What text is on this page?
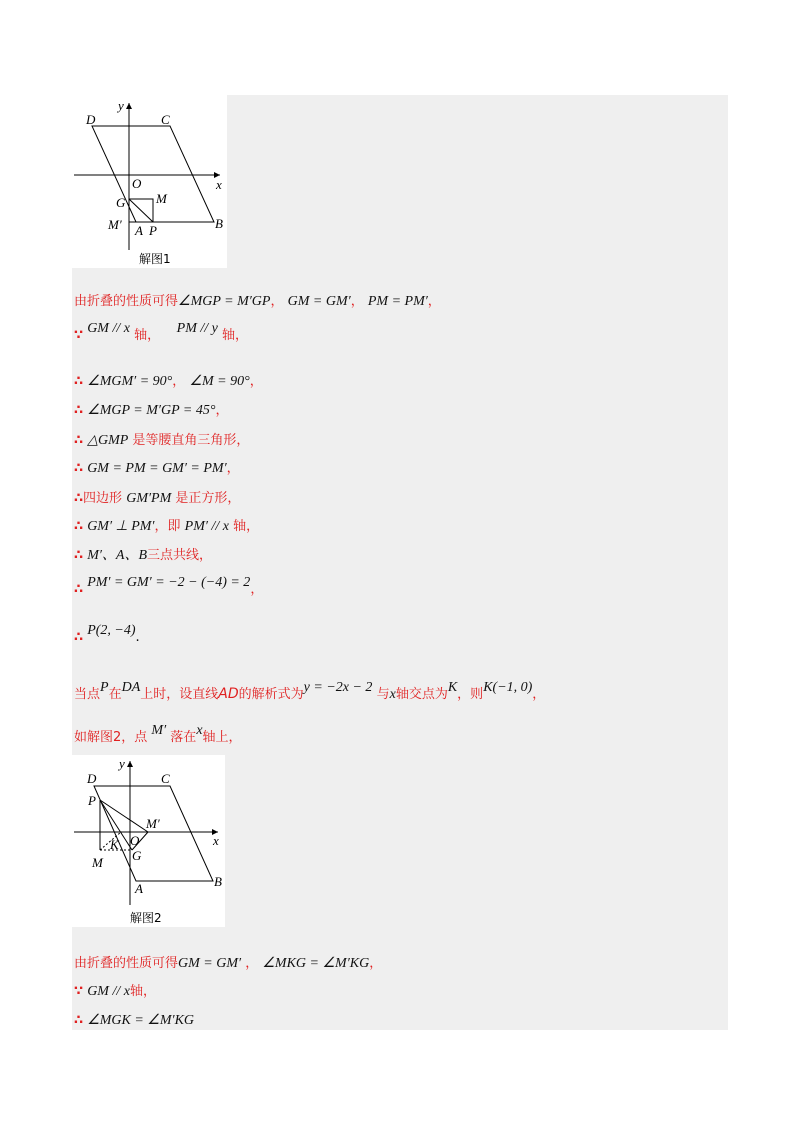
D	C
y
O	x
G M
M′ A P	B
解图1
由折叠的性质可得∠MGP = M′GP， GM = GM′， PM = PM′，
∵ GM // x 轴， PM // y 轴，
∴ ∠MGM′ = 90°， ∠M = 90°，
∴ ∠MGP = M′GP = 45°，
∴ △GMP 是等腰直角三角形，
∴ GM = PM = GM′ = PM′，
∴四边形 GM′PM 是正方形，
∴ GM′ ⊥ PM′，即 PM′ // x 轴，
∴ M′、A、B三点共线，
∴ PM′ = GM′ = −2 − (−4) = 2，
∴ P(2, −4).
当点P在DA上时，设直线AD的解析式为y = −2x − 2 与x轴交点为K，则K(−1, 0)，
如解图2，点 M′ 落在x轴上，
D	C
y
P
M′
O	x
K
M G
A	B
解图2
由折叠的性质可得GM = GM′ ， ∠MKG = ∠M′KG，
∵ GM // x轴，
∴ ∠MGK = ∠M′KG
